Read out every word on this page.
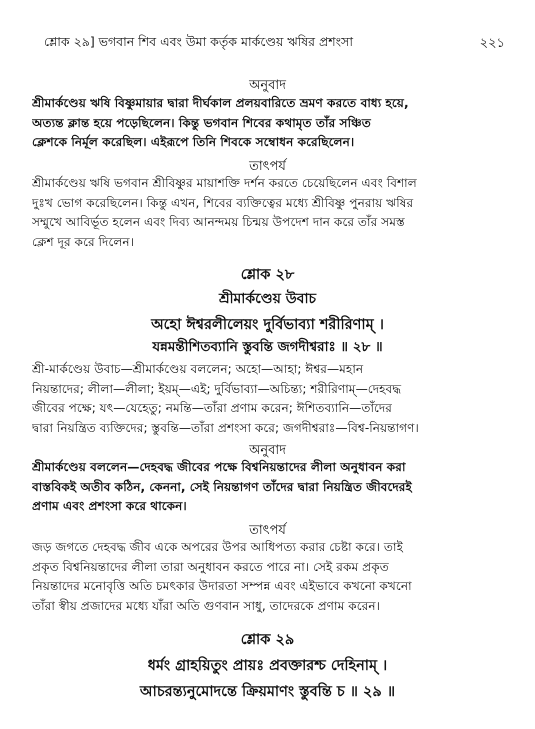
শ্লোক ২৯] ভগবান শিব এবং উমা কর্তৃক মার্কণ্ডেয় ঋষির প্রশংসা	২২১
অনুবাদ
শ্রীমার্কণ্ডেয় ঋষি বিষ্ণুমায়ার দ্বারা দীর্ঘকাল প্রলয়বারিতে ভ্রমণ করতে বাধ্য হয়ে,
অত্যন্ত ক্লান্ত হয়ে পড়েছিলেন। কিন্তু ভগবান শিবের কথামৃত তাঁর সঞ্চিত
ক্লেশকে নির্মূল করেছিল। এইরূপে তিনি শিবকে সম্বোধন করেছিলেন।
তাৎপর্য
শ্রীমার্কণ্ডেয় ঋষি ভগবান শ্রীবিষ্ণুর মায়াশক্তি দর্শন করতে চেয়েছিলেন এবং বিশাল
দুঃখ ভোগ করেছিলেন। কিন্তু এখন, শিবের ব্যক্তিত্বের মধ্যে শ্রীবিষ্ণু পুনরায় ঋষির
সম্মুখে আবির্ভূত হলেন এবং দিব্য আনন্দময় চিন্ময় উপদেশ দান করে তাঁর সমস্ত
ক্লেশ দূর করে দিলেন।
শ্লোক ২৮
শ্রীমার্কণ্ডেয় উবাচ
অহো ঈশ্বরলীলেয়ং দুর্বিভাব্যা শরীরিণাম্‌ ।
যন্নমন্তীশিতব্যানি স্তুবন্তি জগদীশ্বরাঃ ॥ ২৮ ॥
শ্রী-মার্কণ্ডেয় উবাচ—শ্রীমার্কণ্ডেয় বললেন; অহো—আহা; ঈশ্বর—মহান
নিয়ন্তাদের; লীলা—লীলা; ইয়ম্‌—এই; দুর্বিভাব্যা—অচিন্ত্য; শরীরিণাম্‌—দেহবদ্ধ
জীবের পক্ষে; যৎ—যেহেতু; নমন্তি—তাঁরা প্রণাম করেন; ঈশিতব্যানি—তাঁদের
দ্বারা নিয়ন্ত্রিত ব্যক্তিদের; স্তুবন্তি—তাঁরা প্রশংসা করে; জগদীশ্বরাঃ—বিশ্ব-নিয়ন্তাগণ।
অনুবাদ
শ্রীমার্কণ্ডেয় বললেন—দেহবদ্ধ জীবের পক্ষে বিশ্বনিয়ন্তাদের লীলা অনুধাবন করা
বাস্তবিকই অতীব কঠিন, কেননা, সেই নিয়ন্তাগণ তাঁদের দ্বারা নিয়ন্ত্রিত জীবদেরই
প্রণাম এবং প্রশংসা করে থাকেন।
তাৎপর্য
জড় জগতে দেহবদ্ধ জীব একে অপরের উপর আধিপত্য করার চেষ্টা করে। তাই
প্রকৃত বিশ্বনিয়ন্তাদের লীলা তারা অনুধাবন করতে পারে না। সেই রকম প্রকৃত
নিয়ন্তাদের মনোবৃত্তি অতি চমৎকার উদারতা সম্পন্ন এবং এইভাবে কখনো কখনো
তাঁরা স্বীয় প্রজাদের মধ্যে যাঁরা অতি গুণবান সাধু, তাদেরকে প্রণাম করেন।
শ্লোক ২৯
ধর্মং গ্রাহয়িতুং প্রায়ঃ প্রবক্তারশ্চ দেহিনাম্‌ ।
আচরন্ত্যনুমোদন্তে ক্রিয়মাণং স্তুবন্তি চ ॥ ২৯ ॥
